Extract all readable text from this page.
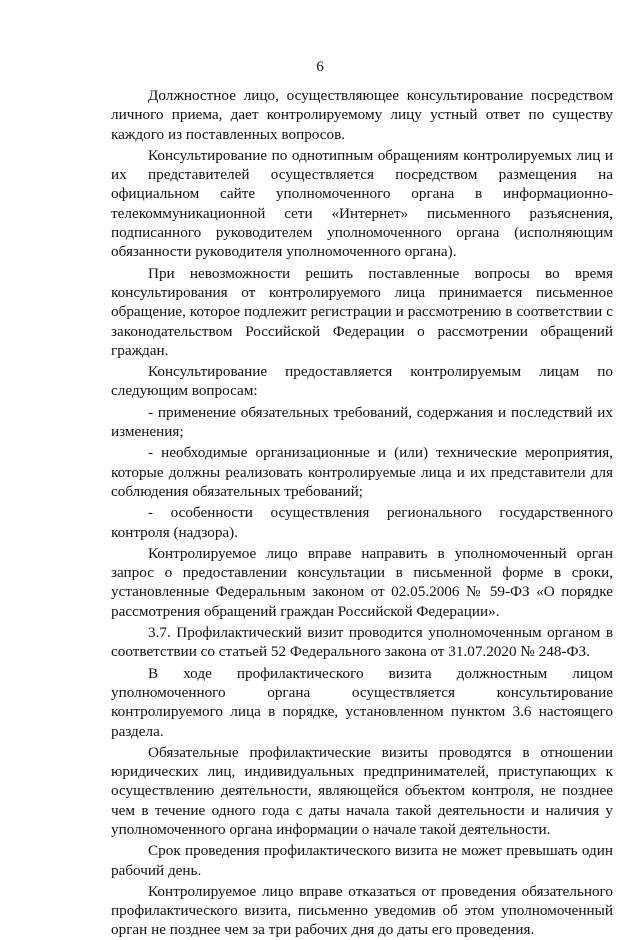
6

Должностное лицо, осуществляющее консультирование посредством личного приема, дает контролируемому лицу устный ответ по существу каждого из поставленных вопросов.

Консультирование по однотипным обращениям контролируемых лиц и их представителей осуществляется посредством размещения на официальном сайте уполномоченного органа в информационно-телекоммуникационной сети «Интернет» письменного разъяснения, подписанного руководителем уполномоченного органа (исполняющим обязанности руководителя уполномоченного органа).

При невозможности решить поставленные вопросы во время консультирования от контролируемого лица принимается письменное обращение, которое подлежит регистрации и рассмотрению в соответствии с законодательством Российской Федерации о рассмотрении обращений граждан.

Консультирование предоставляется контролируемым лицам по следующим вопросам:

- применение обязательных требований, содержания и последствий их изменения;

- необходимые организационные и (или) технические мероприятия, которые должны реализовать контролируемые лица и их представители для соблюдения обязательных требований;

- особенности осуществления регионального государственного контроля (надзора).

Контролируемое лицо вправе направить в уполномоченный орган запрос о предоставлении консультации в письменной форме в сроки, установленные Федеральным законом от 02.05.2006 № 59-ФЗ «О порядке рассмотрения обращений граждан Российской Федерации».

3.7. Профилактический визит проводится уполномоченным органом в соответствии со статьей 52 Федерального закона от 31.07.2020 № 248-ФЗ.

В ходе профилактического визита должностным лицом уполномоченного органа осуществляется консультирование контролируемого лица в порядке, установленном пунктом 3.6 настоящего раздела.

Обязательные профилактические визиты проводятся в отношении юридических лиц, индивидуальных предпринимателей, приступающих к осуществлению деятельности, являющейся объектом контроля, не позднее чем в течение одного года с даты начала такой деятельности и наличия у уполномоченного органа информации о начале такой деятельности.

Срок проведения профилактического визита не может превышать один рабочий день.

Контролируемое лицо вправе отказаться от проведения обязательного профилактического визита, письменно уведомив об этом уполномоченный орган не позднее чем за три рабочих дня до даты его проведения.
